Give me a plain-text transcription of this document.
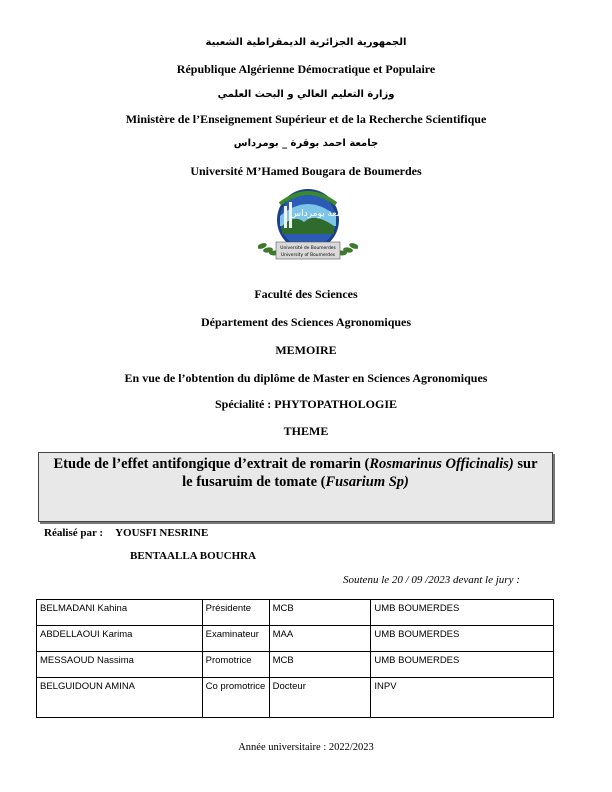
الجمهورية الجزائرية الديمقراطية الشعبية
République Algérienne Démocratique et Populaire
وزارة التعليم العالي و البحث العلمي
Ministère de l’Enseignement Supérieur et de la Recherche Scientifique
جامعة احمد بوقرة _ بومرداس
Université M’Hamed Bougara de Boumerdes
جامعة بومرداس
Université de Boumerdes
University of Boumerdes
Faculté des Sciences
Département des Sciences Agronomiques
MEMOIRE
En vue de l’obtention du diplôme de Master en Sciences Agronomiques
Spécialité : PHYTOPATHOLOGIE
THEME
Etude de l’effet antifongique d’extrait de romarin (Rosmarinus Officinalis) sur le fusaruim de tomate (Fusarium Sp)
Réalisé par : YOUSFI NESRINE
BENTAALLA BOUCHRA
Soutenu le 20 / 09 /2023 devant le jury :
BELMADANI Kahina	Présidente	MCB	UMB BOUMERDES
ABDELLAOUI Karima	Examinateur	MAA	UMB BOUMERDES
MESSAOUD Nassima	Promotrice	MCB	UMB BOUMERDES
BELGUIDOUN AMINA	Co promotrice	Docteur	INPV
Année universitaire : 2022/2023
